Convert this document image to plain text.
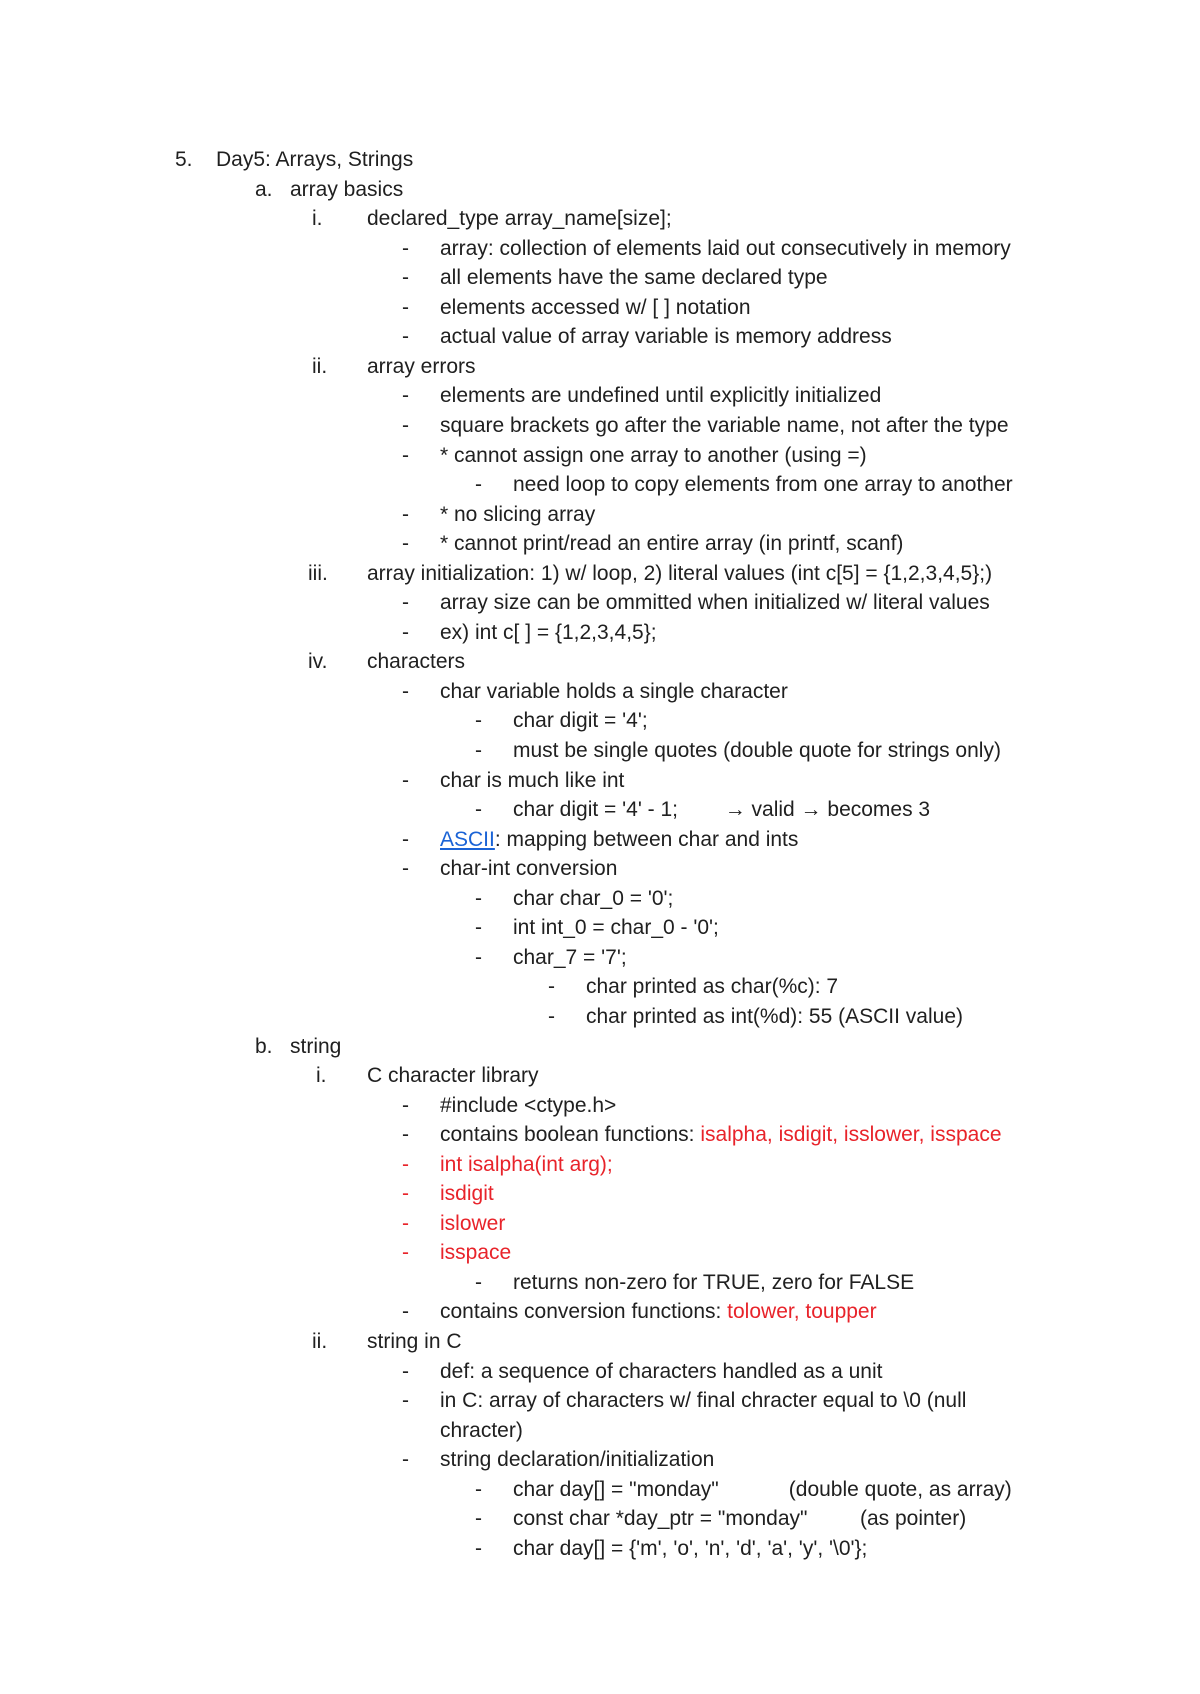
5. Day5: Arrays, Strings
a. array basics
i. declared_type array_name[size];
- array: collection of elements laid out consecutively in memory
- all elements have the same declared type
- elements accessed w/ [ ] notation
- actual value of array variable is memory address
ii. array errors
- elements are undefined until explicitly initialized
- square brackets go after the variable name, not after the type
- * cannot assign one array to another (using =)
- need loop to copy elements from one array to another
- * no slicing array
- * cannot print/read an entire array (in printf, scanf)
iii. array initialization: 1) w/ loop, 2) literal values (int c[5] = {1,2,3,4,5};)
- array size can be ommitted when initialized w/ literal values
- ex) int c[ ] = {1,2,3,4,5};
iv. characters
- char variable holds a single character
- char digit = '4';
- must be single quotes (double quote for strings only)
- char is much like int
- char digit = '4' - 1;        → valid → becomes 3
- ASCII: mapping between char and ints
- char-int conversion
- char char_0 = '0';
- int int_0 = char_0 - '0';
- char_7 = '7';
- char printed as char(%c): 7
- char printed as int(%d): 55 (ASCII value)
b. string
i. C character library
- #include <ctype.h>
- contains boolean functions: isalpha, isdigit, isslower, isspace
- int isalpha(int arg);
- isdigit
- islower
- isspace
- returns non-zero for TRUE, zero for FALSE
- contains conversion functions: tolower, toupper
ii. string in C
- def: a sequence of characters handled as a unit
- in C: array of characters w/ final chracter equal to \0 (null
chracter)
- string declaration/initialization
- char day[] = "monday"            (double quote, as array)
- const char *day_ptr = "monday"         (as pointer)
- char day[] = {'m', 'o', 'n', 'd', 'a', 'y', '\0'};
